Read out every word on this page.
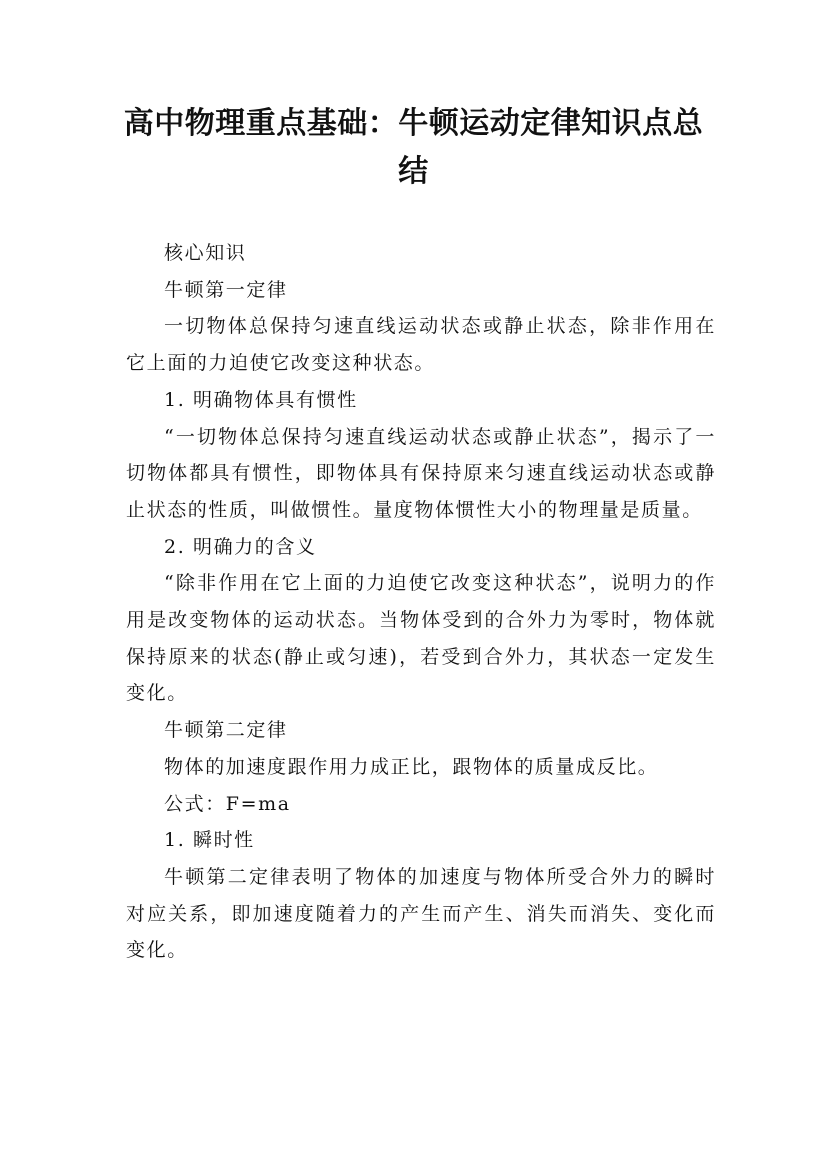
高中物理重点基础：牛顿运动定律知识点总结

核心知识

牛顿第一定律

一切物体总保持匀速直线运动状态或静止状态，除非作用在它上面的力迫使它改变这种状态。

1. 明确物体具有惯性

“一切物体总保持匀速直线运动状态或静止状态”，揭示了一切物体都具有惯性，即物体具有保持原来匀速直线运动状态或静止状态的性质，叫做惯性。量度物体惯性大小的物理量是质量。

2. 明确力的含义

“除非作用在它上面的力迫使它改变这种状态”，说明力的作用是改变物体的运动状态。当物体受到的合外力为零时，物体就保持原来的状态(静止或匀速)，若受到合外力，其状态一定发生变化。

牛顿第二定律

物体的加速度跟作用力成正比，跟物体的质量成反比。

公式：F=ma

1. 瞬时性

牛顿第二定律表明了物体的加速度与物体所受合外力的瞬时对应关系，即加速度随着力的产生而产生、消失而消失、变化而变化。
